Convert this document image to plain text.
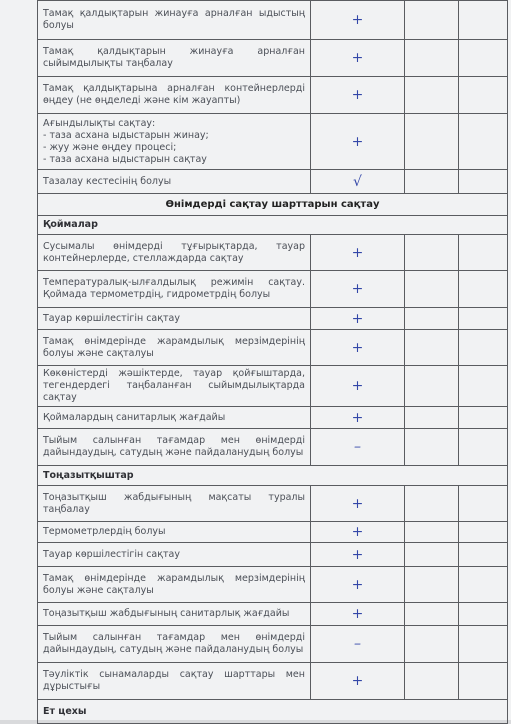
Тамақ қалдықтарын жинауға арналған ыдыстың болуы	+		
Тамақ қалдықтарын жинауға арналған сыйымдылықты таңбалау	+		
Тамақ қалдықтарына арналған контейнерлерді өңдеу (не өңделеді және кім жауапты)	+		
Ағындылықты сақтау:
- таза асхана ыдыстарын жинау;
- жуу және өңдеу процесі;
- таза асхана ыдыстарын сақтау	+		
Тазалау кестесінің болуы	√		
Өнімдерді сақтау шарттарын сақтау			
Қоймалар			
Сусымалы өнімдерді тұғырықтарда, тауар контейнерлерде, стеллаждарда сақтау	+		
Температуралық-ылғалдылық режимін сақтау. Қоймада термометрдің, гидрометрдің болуы	+		
Тауар көршілестігін сақтау	+		
Тамақ өнімдерінде жарамдылық мерзімдерінің болуы және сақталуы	+		
Көкөністерді жәшіктерде, тауар қойғыштарда, тегендердегі таңбаланған сыйымдылықтарда сақтау	+		
Қоймалардың санитарлық жағдайы	+		
Тыйым салынған тағамдар мен өнімдерді дайындаудың, сатудың және пайдаланудың болуы	–		
Тоңазытқыштар			
Тоңазытқыш жабдығының мақсаты туралы таңбалау	+		
Термометрлердің болуы	+		
Тауар көршілестігін сақтау	+		
Тамақ өнімдерінде жарамдылық мерзімдерінің болуы және сақталуы	+		
Тоңазытқыш жабдығының санитарлық жағдайы	+		
Тыйым салынған тағамдар мен өнімдерді дайындаудың, сатудың және пайдаланудың болуы	–		
Тәуліктік сынамаларды сақтау шарттары мен дұрыстығы	+		
Ет цехы			
